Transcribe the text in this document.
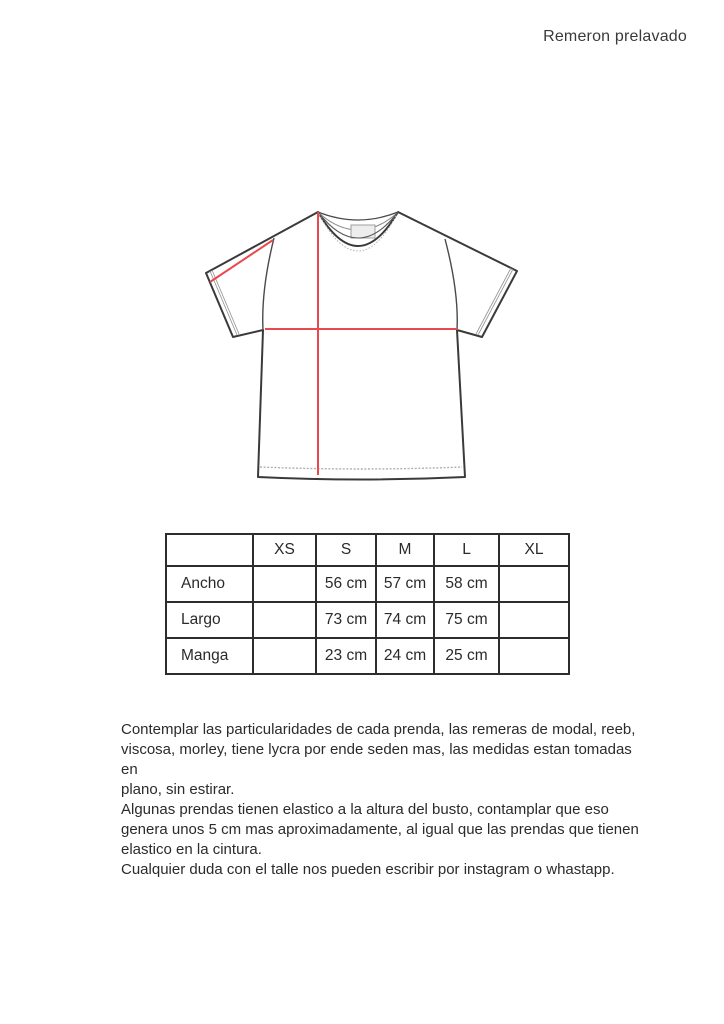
Remeron prelavado
	XS	S	M	L	XL
Ancho		56 cm	57 cm	58 cm	
Largo		73 cm	74 cm	75 cm	
Manga		23 cm	24 cm	25 cm	
Contemplar las particularidades de cada prenda, las remeras de modal, reeb,
viscosa, morley, tiene lycra por ende seden mas, las medidas estan tomadas en
plano, sin estirar.
Algunas prendas tienen elastico a la altura del busto, contamplar que eso
genera unos 5 cm mas aproximadamente, al igual que las prendas que tienen
elastico en la cintura.
Cualquier duda con el talle nos pueden escribir por instagram o whastapp.
